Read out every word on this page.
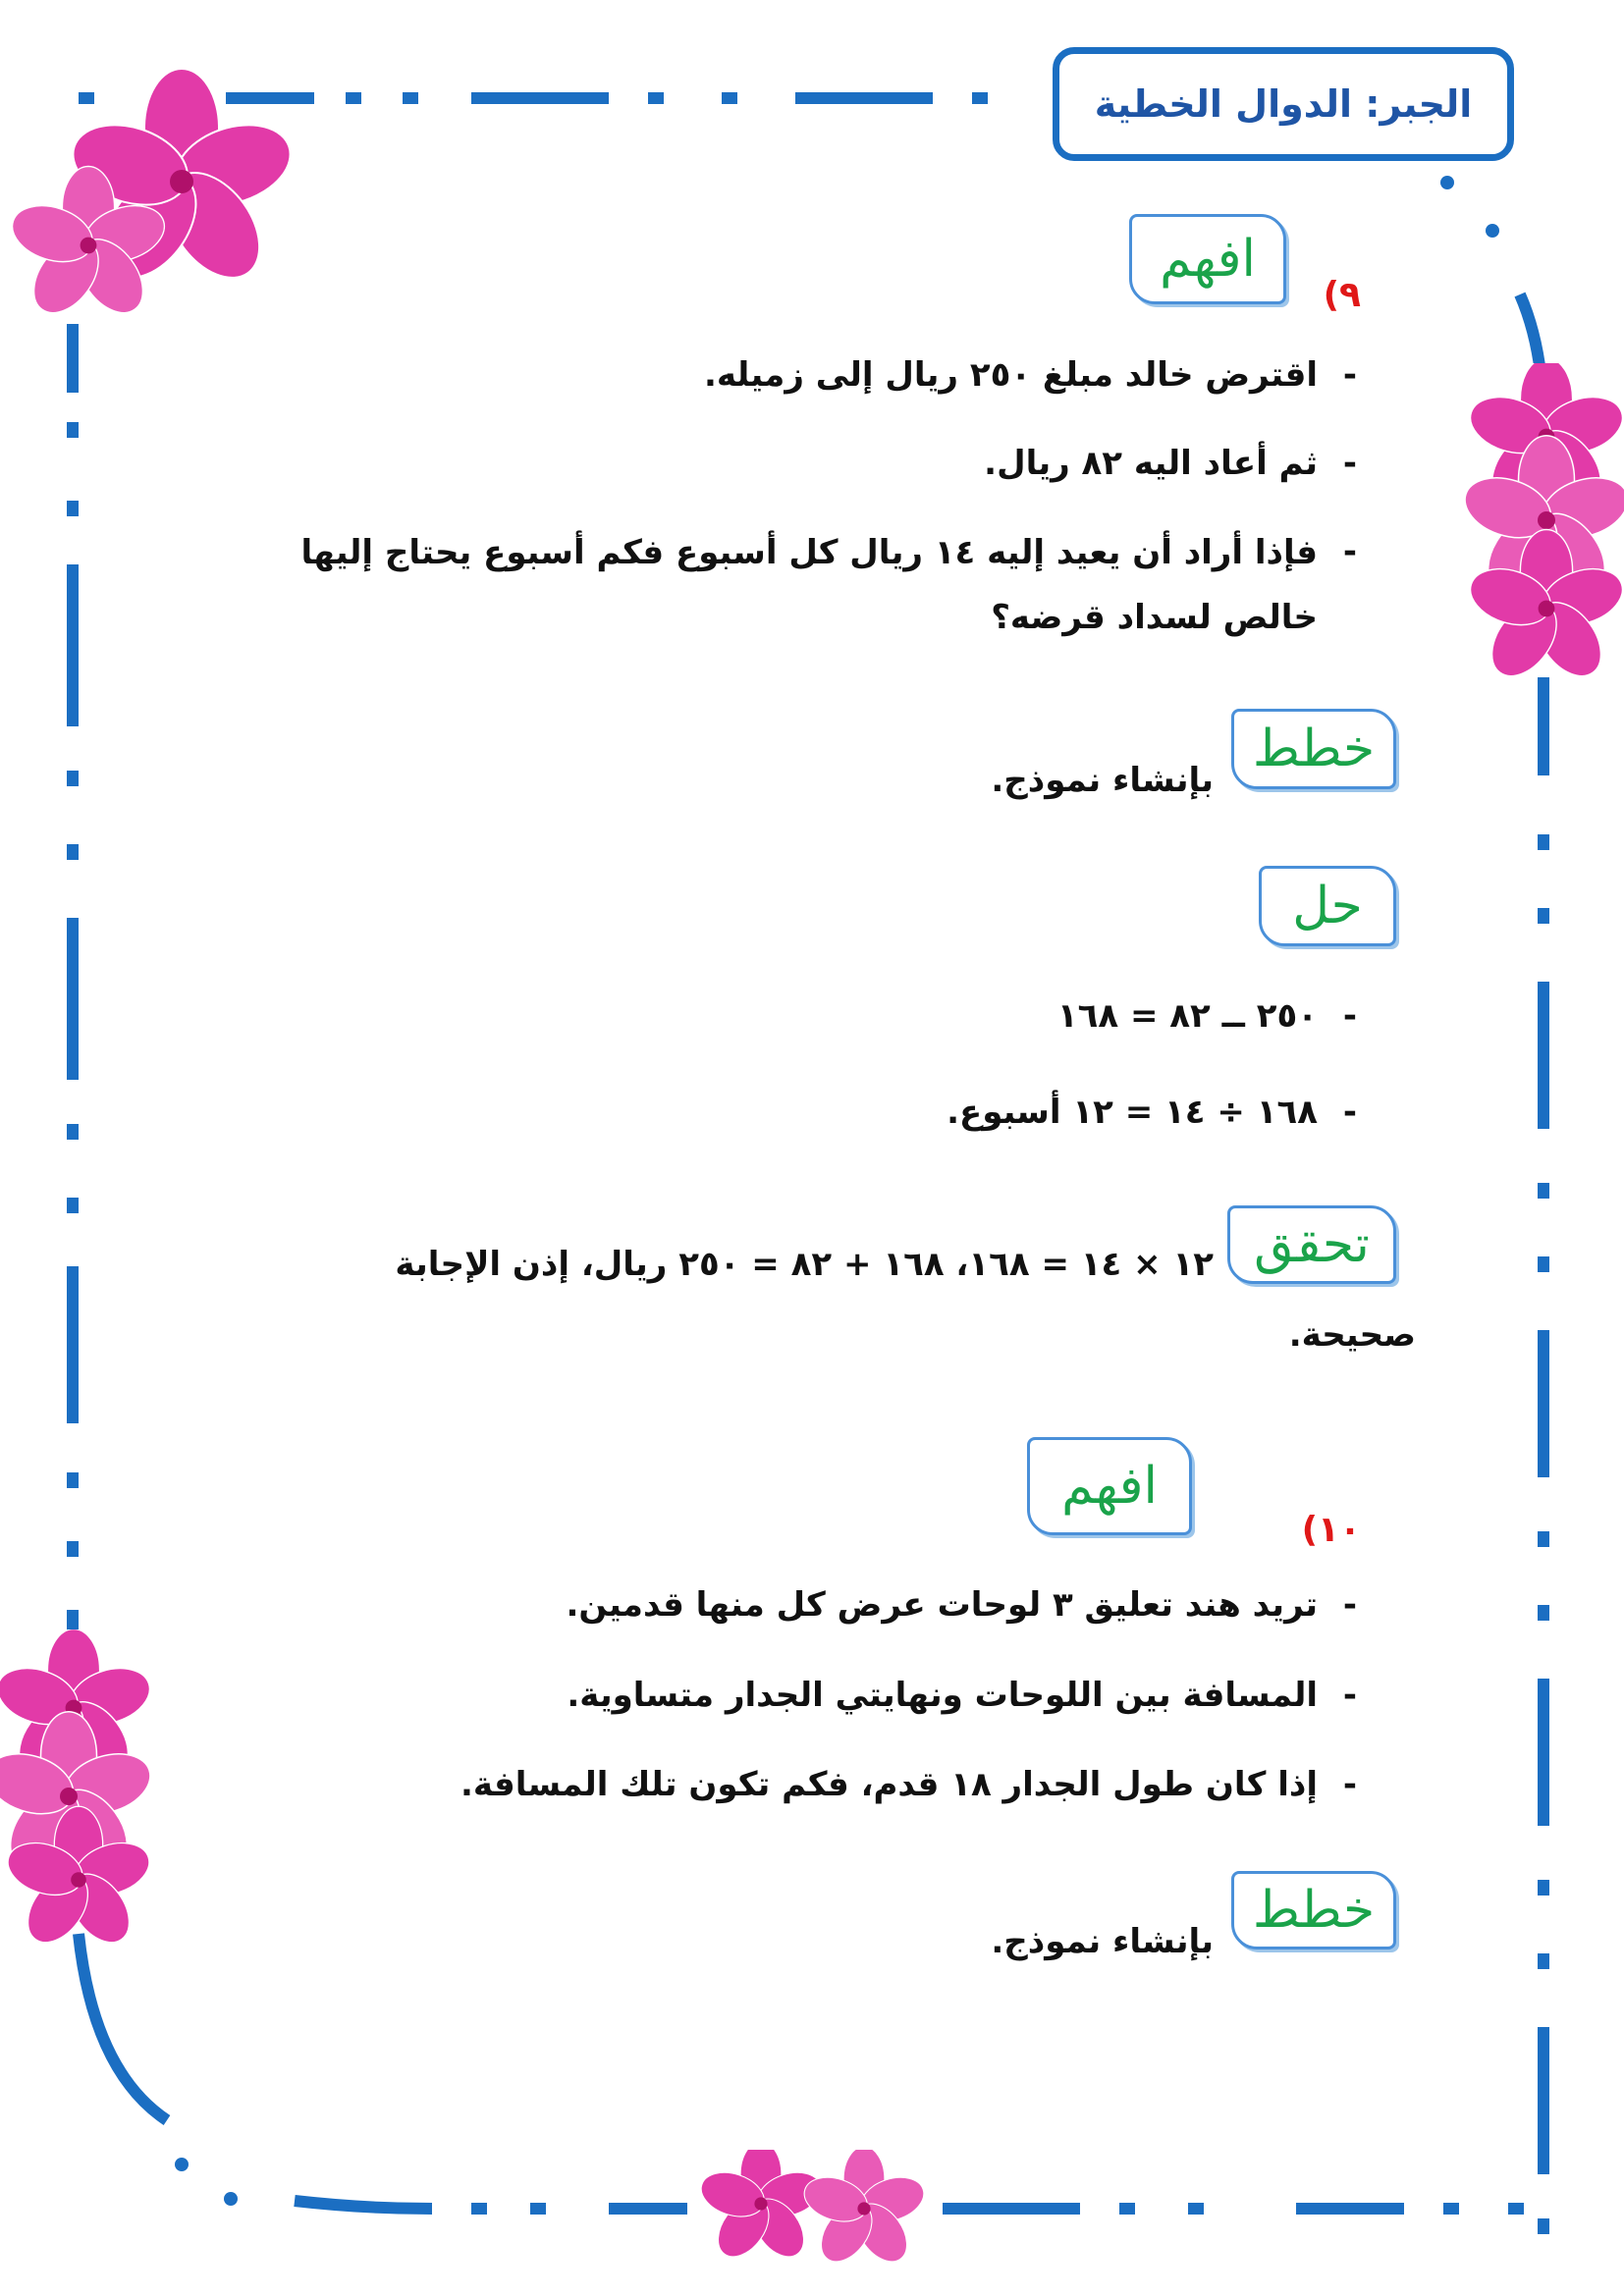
الجبر: الدوال الخطية
٩)
افهم
-
اقترض خالد مبلغ ٢٥٠ ريال إلى زميله.
-
ثم أعاد اليه ٨٢ ريال.
-
فإذا أراد أن يعيد إليه ١٤ ريال كل أسبوع فكم أسبوع يحتاج إليها خالص لسداد قرضه؟
خطط
بإنشاء نموذج.
حل
-
٢٥٠ ــ ٨٢ = ١٦٨
-
١٦٨ ÷ ١٤ = ١٢ أسبوع.
تحقق
١٢ × ١٤ = ١٦٨، ١٦٨ + ٨٢ = ٢٥٠ ريال، إذن الإجابة
صحيحة.
١٠)
افهم
-
تريد هند تعليق ٣ لوحات عرض كل منها قدمين.
-
المسافة بين اللوحات ونهايتي الجدار متساوية.
-
إذا كان طول الجدار ١٨ قدم، فكم تكون تلك المسافة.
خطط
بإنشاء نموذج.
